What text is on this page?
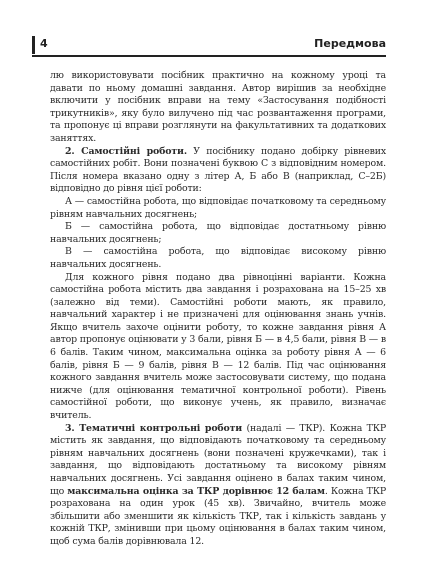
4	Передмова

лю використовувати посібник практично на кожному уроці та давати по ньому домашні завдання. Автор вирішив за необхідне включити у посібник вправи на тему «Застосування подібності трикутників», яку було вилучено під час розвантаження програми, та пропонує ці вправи розглянути на факультативних та додаткових заняттях.

2. Самостійні роботи. У посібнику подано добірку рівневих самостійних робіт. Вони позначені буквою С з відповідним номером. Після номера вказано одну з літер А, Б або В (наприклад, С–2Б) відповідно до рівня цієї роботи:

А — самостійна робота, що відповідає початковому та середньому рівням навчальних досягнень;

Б — самостійна робота, що відповідає достатньому рівню навчальних досягнень;

В — самостійна робота, що відповідає високому рівню навчальних досягнень.

Для кожного рівня подано два рівноцінні варіанти. Кожна самостійна робота містить два завдання і розрахована на 15–25 хв (залежно від теми). Самостійні роботи мають, як правило, навчальний характер і не призначені для оцінювання знань учнів. Якщо вчитель захоче оцінити роботу, то кожне завдання рівня А автор пропонує оцінювати у 3 бали, рівня Б — в 4,5 бали, рівня В — в 6 балів. Таким чином, максимальна оцінка за роботу рівня А — 6 балів, рівня Б — 9 балів, рівня В — 12 балів. Під час оцінювання кожного завдання вчитель може застосовувати систему, що подана нижче (для оцінювання тематичної контрольної роботи). Рівень самостійної роботи, що виконує учень, як правило, визначає вчитель.

3. Тематичні контрольні роботи (надалі — ТКР). Кожна ТКР містить як завдання, що відповідають початковому та середньому рівням навчальних досягнень (вони позначені кружечками), так і завдання, що відповідають достатньому та високому рівням навчальних досягнень. Усі завдання оцінено в балах таким чином, що максимальна оцінка за ТКР дорівнює 12 балам. Кожна ТКР розрахована на один урок (45 хв). Звичайно, вчитель може збільшити або зменшити як кількість ТКР, так і кількість завдань у кожній ТКР, змінивши при цьому оцінювання в балах таким чином, щоб сума балів дорівнювала 12.
